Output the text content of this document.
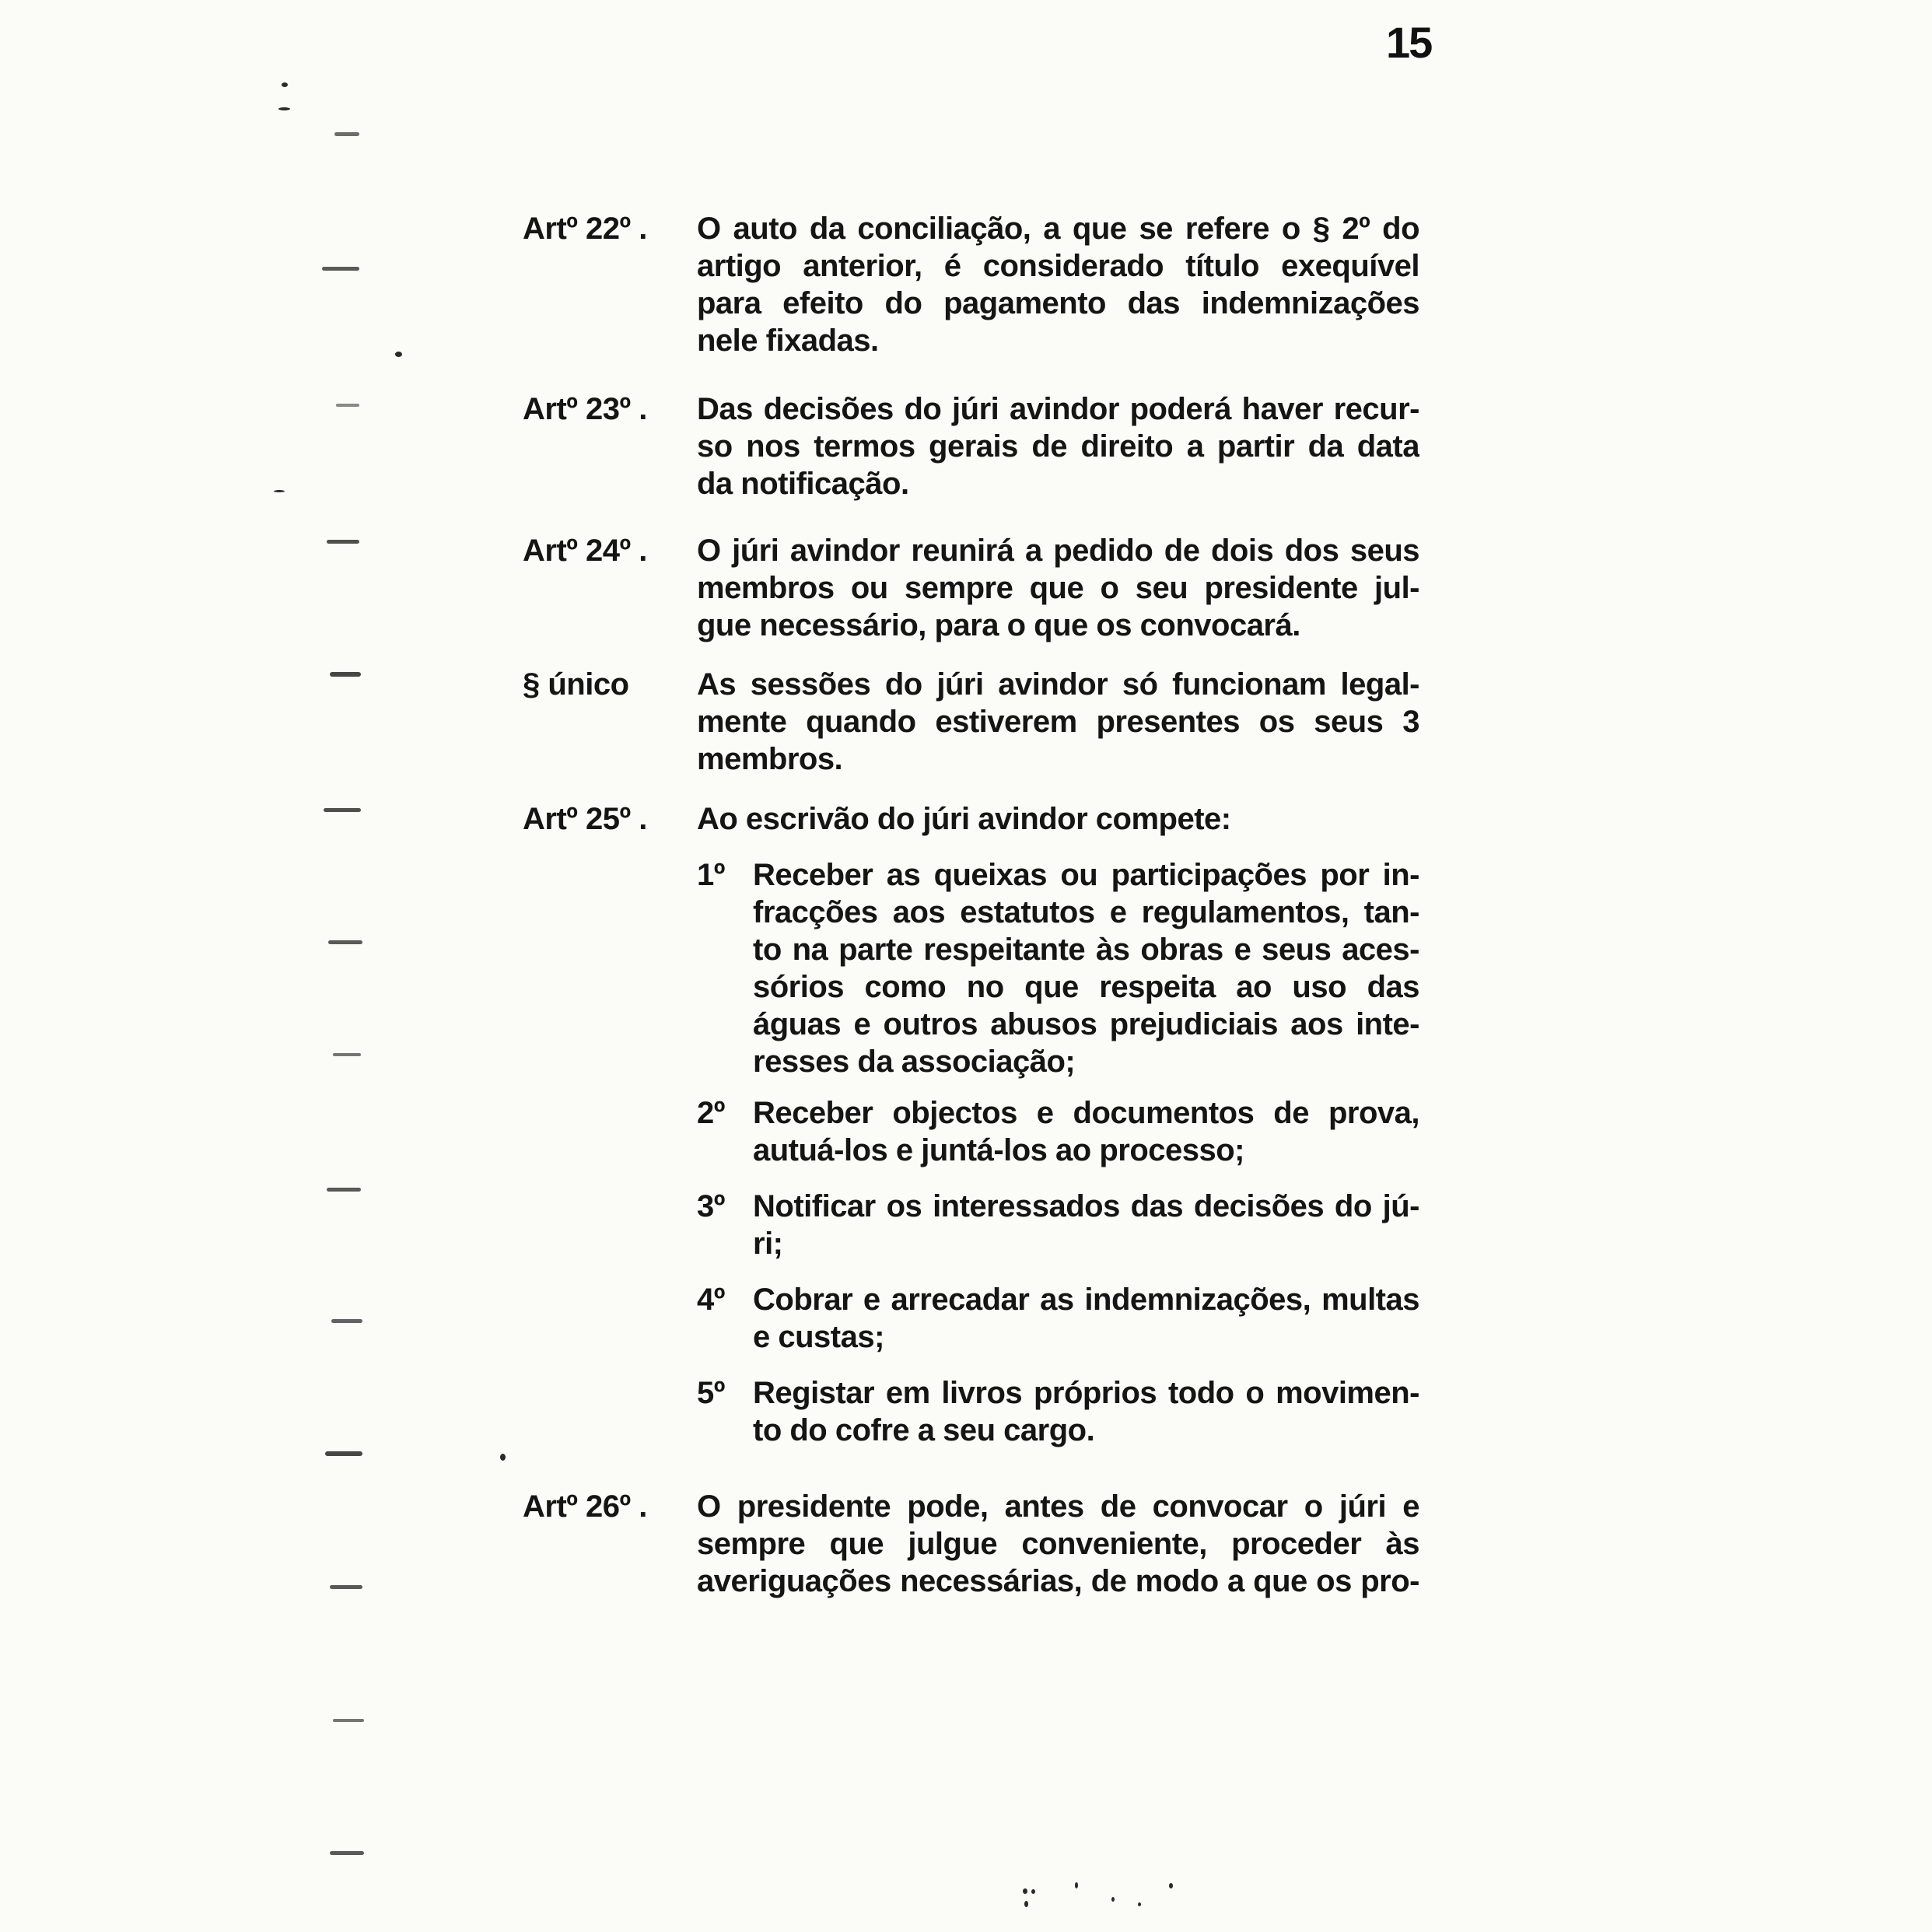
15
Artº 22º .	O auto da conciliação, a que se refere o § 2º do
artigo anterior, é considerado título exequível
para efeito do pagamento das indemnizações
nele fixadas.
Artº 23º .	Das decisões do júri avindor poderá haver recur-
so nos termos gerais de direito a partir da data
da notificação.
Artº 24º .	O júri avindor reunirá a pedido de dois dos seus
membros ou sempre que o seu presidente jul-
gue necessário, para o que os convocará.
§ único	As sessões do júri avindor só funcionam legal-
mente quando estiverem presentes os seus 3
membros.
Artº 25º .	Ao escrivão do júri avindor compete:
1º Receber as queixas ou participações por in-
fracções aos estatutos e regulamentos, tan-
to na parte respeitante às obras e seus aces-
sórios como no que respeita ao uso das
águas e outros abusos prejudiciais aos inte-
resses da associação;
2º Receber objectos e documentos de prova,
autuá-los e juntá-los ao processo;
3º Notificar os interessados das decisões do jú-
ri;
4º Cobrar e arrecadar as indemnizações, multas
e custas;
5º Registar em livros próprios todo o movimen-
to do cofre a seu cargo.
Artº 26º .	O presidente pode, antes de convocar o júri e
sempre que julgue conveniente, proceder às
averiguações necessárias, de modo a que os pro-
